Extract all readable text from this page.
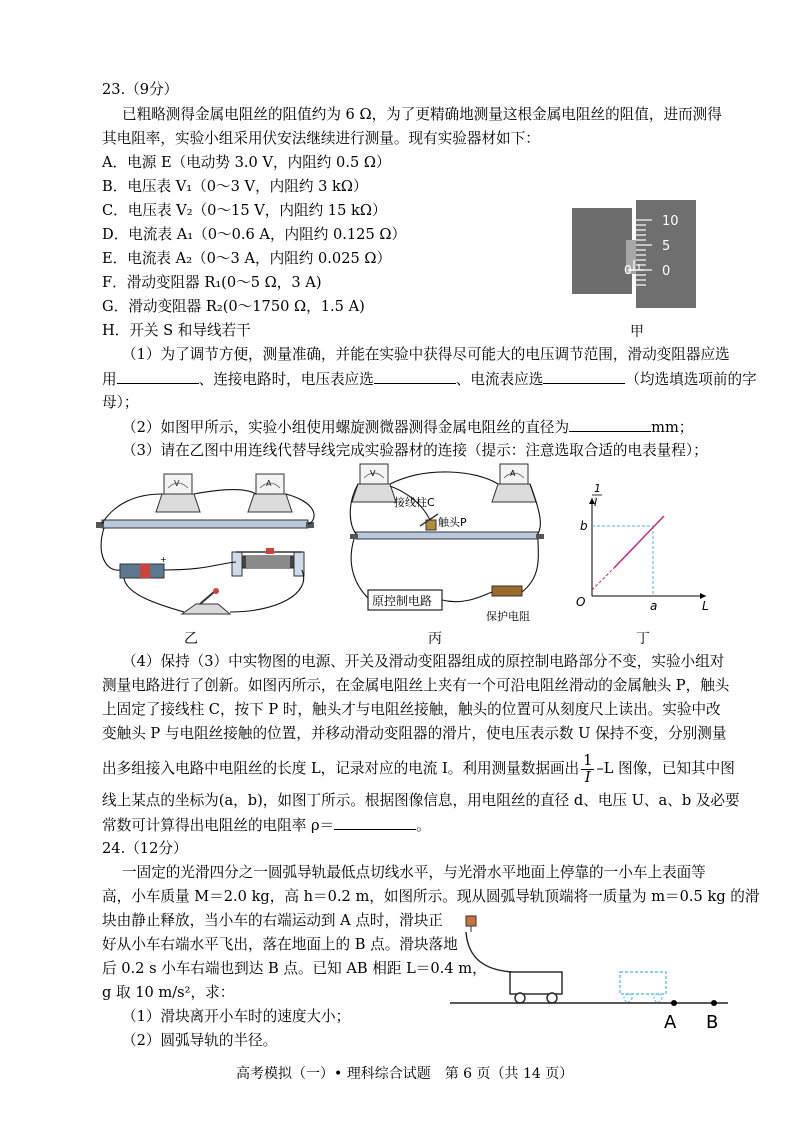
23.（9分）
已粗略测得金属电阻丝的阻值约为 6 Ω，为了更精确地测量这根金属电阻丝的阻值，进而测得
其电阻率，实验小组采用伏安法继续进行测量。现有实验器材如下：
A．电源 E（电动势 3.0 V，内阻约 0.5 Ω）
B．电压表 V₁（0～3 V，内阻约 3 kΩ）
C．电压表 V₂（0～15 V，内阻约 15 kΩ）
D．电流表 A₁（0～0.6 A，内阻约 0.125 Ω）
E．电流表 A₂（0～3 A，内阻约 0.025 Ω）
F．滑动变阻器 R₁(0～5 Ω，3 A)
G．滑动变阻器 R₂(0～1750 Ω，1.5 A)
H．开关 S 和导线若干
10
5
0
0
甲
（1）为了调节方便，测量准确，并能在实验中获得尽可能大的电压调节范围，滑动变阻器应选
用	、连接电路时，电压表应选	、电流表应选	（均选填选项前的字
母）；
（2）如图甲所示，实验小组使用螺旋测微器测得金属电阻丝的直径为	mm；
（3）请在乙图中用连线代替导线完成实验器材的连接（提示：注意选取合适的电表量程）；
V	A
+
乙
V	A
接线柱C
触头P
原控制电路
保护电阻
丙
1
I
L
O
b
a
丁
（4）保持（3）中实物图的电源、开关及滑动变阻器组成的原控制电路部分不变，实验小组对
测量电路进行了创新。如图丙所示，在金属电阻丝上夹有一个可沿电阻丝滑动的金属触头 P，触头
上固定了接线柱 C，按下 P 时，触头才与电阻丝接触，触头的位置可从刻度尺上读出。实验中改
变触头 P 与电阻丝接触的位置，并移动滑动变阻器的滑片，使电压表示数 U 保持不变，分别测量
出多组接入电路中电阻丝的长度 L，记录对应的电流 I。利用测量数据画出 $\frac{1}{I} -L$ 图像，已知其中图
线上某点的坐标为(a，b)，如图丁所示。根据图像信息，用电阻丝的直径 d、电压 U、a、b 及必要
常数可计算得出电阻丝的电阻率 ρ＝	。
24.（12分）
一固定的光滑四分之一圆弧导轨最低点切线水平，与光滑水平地面上停靠的一小车上表面等
高，小车质量 M＝2.0 kg，高 h＝0.2 m，如图所示。现从圆弧导轨顶端将一质量为 m＝0.5 kg 的滑
块由静止释放，当小车的右端运动到 A 点时，滑块正
好从小车右端水平飞出，落在地面上的 B 点。滑块落地
后 0.2 s 小车右端也到达 B 点。已知 AB 相距 L＝0.4 m，
g 取 10 m/s²，求：
（1）滑块离开小车时的速度大小；
（2）圆弧导轨的半径。
A B
高考模拟（一）• 理科综合试题　第 6 页（共 14 页）
